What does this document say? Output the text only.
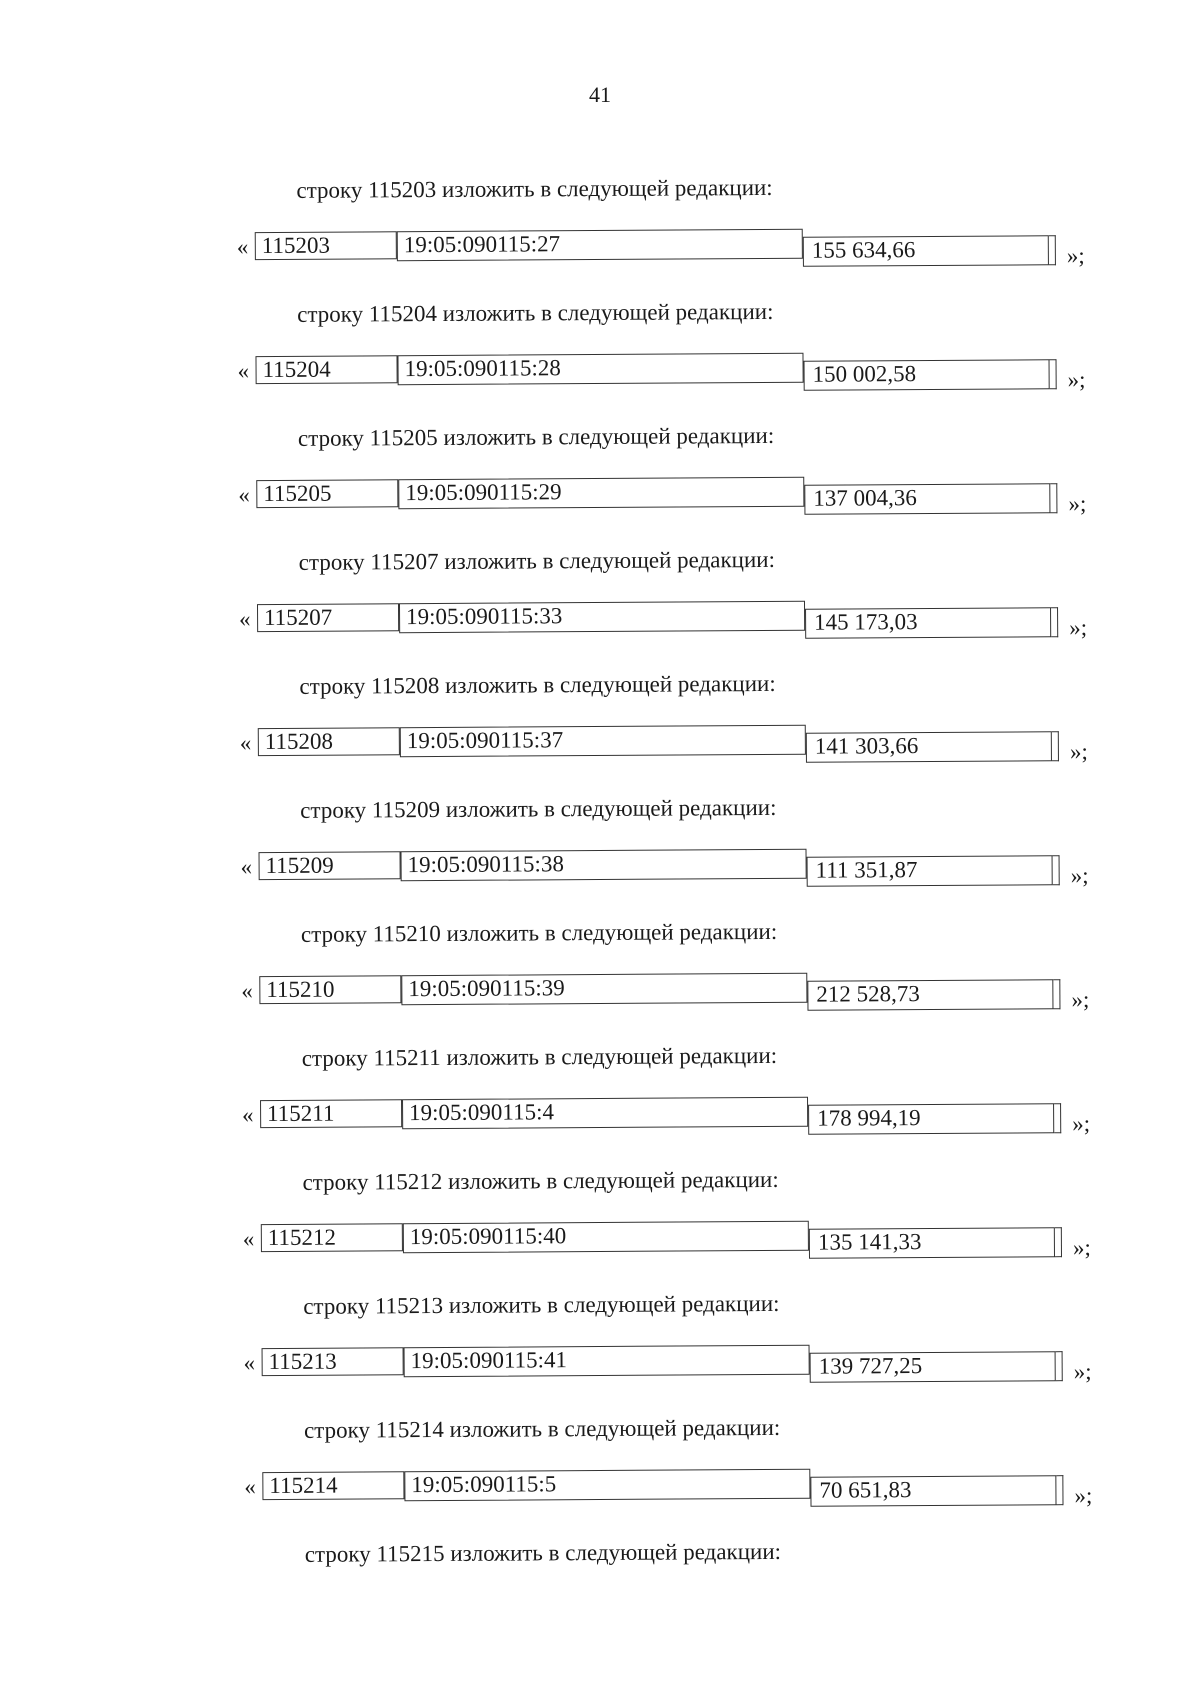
41
строку 115203 изложить в следующей редакции:
« 115203	19:05:090115:27	155 634,66	»;
строку 115204 изложить в следующей редакции:
« 115204	19:05:090115:28	150 002,58	»;
строку 115205 изложить в следующей редакции:
« 115205	19:05:090115:29	137 004,36	»;
строку 115207 изложить в следующей редакции:
« 115207	19:05:090115:33	145 173,03	»;
строку 115208 изложить в следующей редакции:
« 115208	19:05:090115:37	141 303,66	»;
строку 115209 изложить в следующей редакции:
« 115209	19:05:090115:38	111 351,87	»;
строку 115210 изложить в следующей редакции:
« 115210	19:05:090115:39	212 528,73	»;
строку 115211 изложить в следующей редакции:
« 115211	19:05:090115:4	178 994,19	»;
строку 115212 изложить в следующей редакции:
« 115212	19:05:090115:40	135 141,33	»;
строку 115213 изложить в следующей редакции:
« 115213	19:05:090115:41	139 727,25	»;
строку 115214 изложить в следующей редакции:
« 115214	19:05:090115:5	70 651,83	»;
строку 115215 изложить в следующей редакции:
